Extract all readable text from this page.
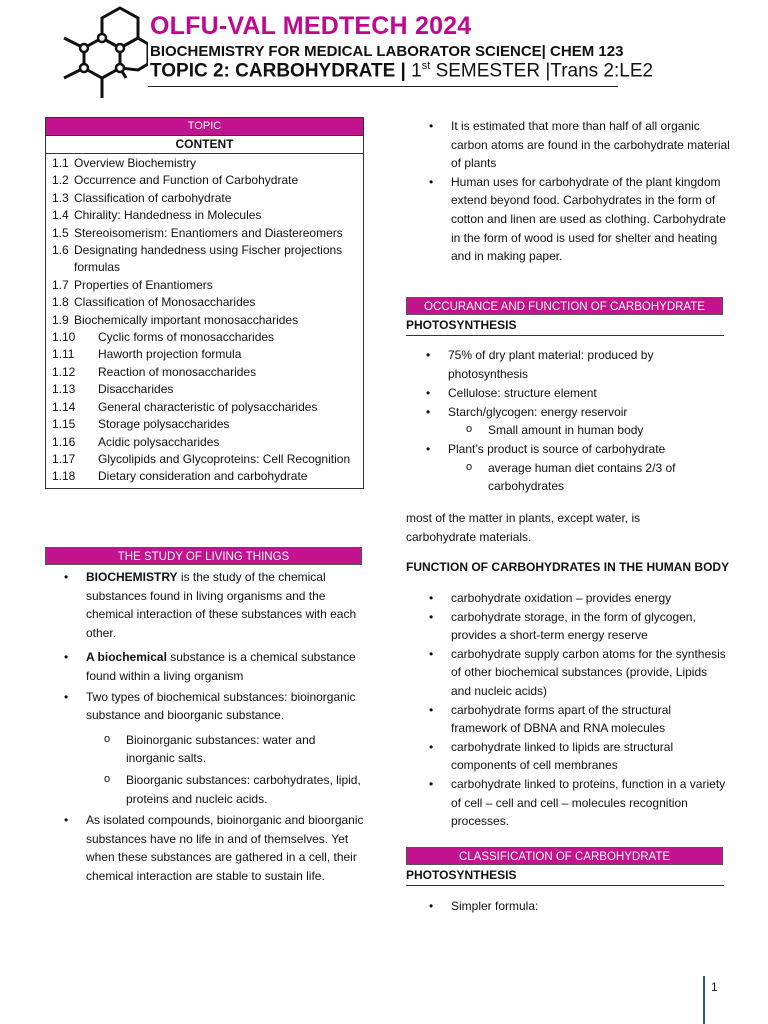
OLFU-VAL MEDTECH 2024
BIOCHEMISTRY FOR MEDICAL LABORATOR SCIENCE| CHEM 123
TOPIC 2: CARBOHYDRATE | 1st SEMESTER |Trans 2:LE2
TOPIC
CONTENT
1.1 Overview Biochemistry
1.2 Occurrence and Function of Carbohydrate
1.3 Classification of carbohydrate
1.4 Chirality: Handedness in Molecules
1.5 Stereoisomerism: Enantiomers and Diastereomers
1.6 Designating handedness using Fischer projections formulas
1.7 Properties of Enantiomers
1.8 Classification of Monosaccharides
1.9 Biochemically important monosaccharides
1.10	Cyclic forms of monosaccharides
1.11	Haworth projection formula
1.12	Reaction of monosaccharides
1.13	Disaccharides
1.14	General characteristic of polysaccharides
1.15	Storage polysaccharides
1.16	Acidic polysaccharides
1.17	Glycolipids and Glycoproteins: Cell Recognition
1.18	Dietary consideration and carbohydrate
THE STUDY OF LIVING THINGS
• BIOCHEMISTRY is the study of the chemical substances found in living organisms and the chemical interaction of these substances with each other.
• A biochemical substance is a chemical substance found within a living organism
• Two types of biochemical substances: bioinorganic substance and bioorganic substance.
o Bioinorganic substances: water and inorganic salts.
o Bioorganic substances: carbohydrates, lipid, proteins and nucleic acids.
• As isolated compounds, bioinorganic and bioorganic substances have no life in and of themselves. Yet when these substances are gathered in a cell, their chemical interaction are stable to sustain life.
• It is estimated that more than half of all organic carbon atoms are found in the carbohydrate material of plants
• Human uses for carbohydrate of the plant kingdom extend beyond food. Carbohydrates in the form of cotton and linen are used as clothing. Carbohydrate in the form of wood is used for shelter and heating and in making paper.
OCCURANCE AND FUNCTION OF CARBOHYDRATE
PHOTOSYNTHESIS
• 75% of dry plant material: produced by photosynthesis
• Cellulose: structure element
• Starch/glycogen: energy reservoir
o Small amount in human body
• Plant’s product is source of carbohydrate
o average human diet contains 2/3 of carbohydrates
most of the matter in plants, except water, is carbohydrate materials.
FUNCTION OF CARBOHYDRATES IN THE HUMAN BODY
• carbohydrate oxidation – provides energy
• carbohydrate storage, in the form of glycogen, provides a short-term energy reserve
• carbohydrate supply carbon atoms for the synthesis of other biochemical substances (provide, Lipids and nucleic acids)
• carbohydrate forms apart of the structural framework of DBNA and RNA molecules
• carbohydrate linked to lipids are structural components of cell membranes
• carbohydrate linked to proteins, function in a variety of cell – cell and cell – molecules recognition processes.
CLASSIFICATION OF CARBOHYDRATE
PHOTOSYNTHESIS
• Simpler formula:
1
